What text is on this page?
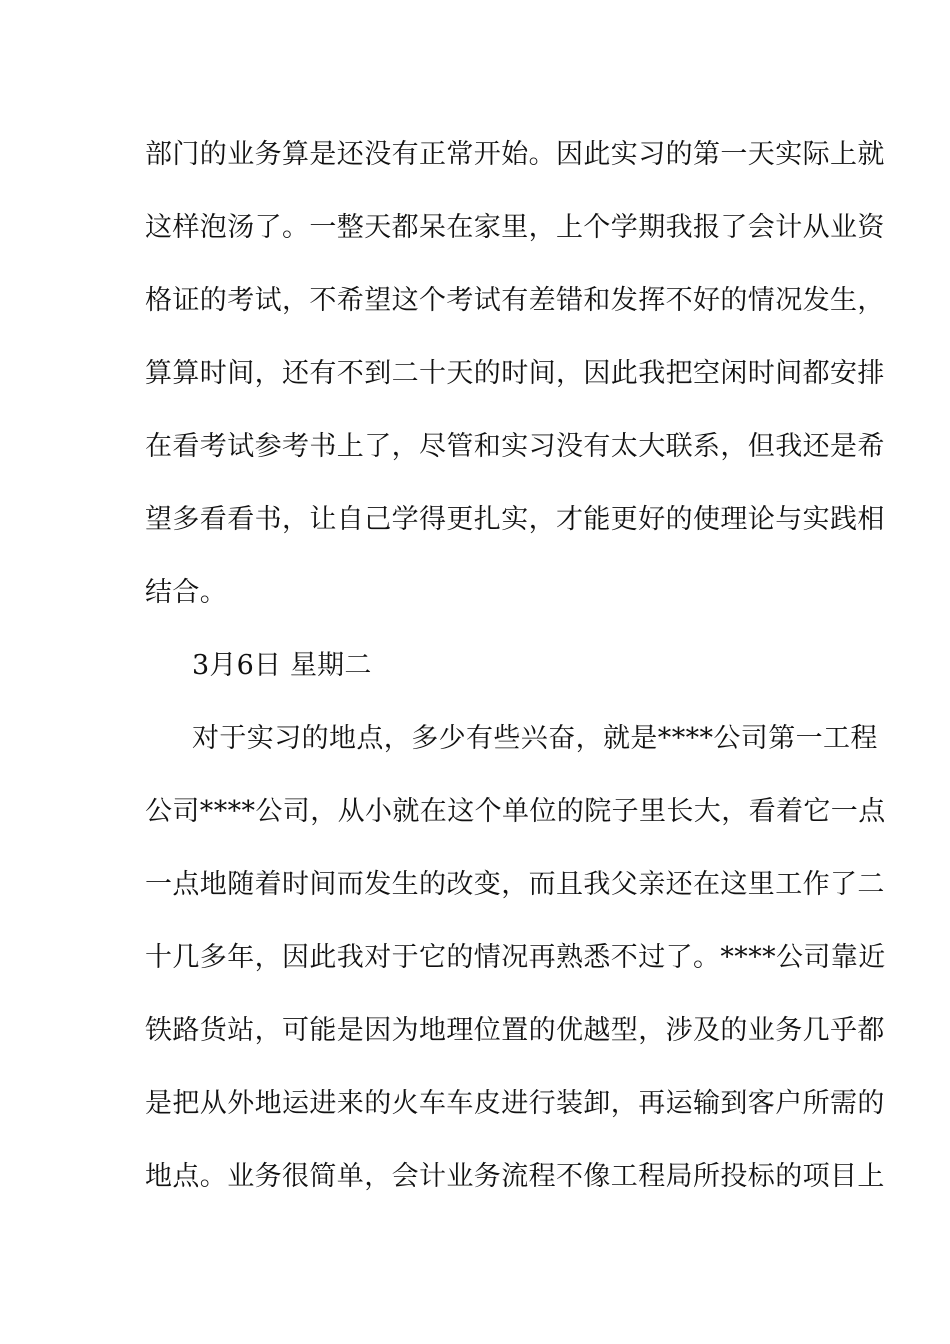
部门的业务算是还没有正常开始。因此实习的第一天实际上就
这样泡汤了。一整天都呆在家里，上个学期我报了会计从业资
格证的考试，不希望这个考试有差错和发挥不好的情况发生，
算算时间，还有不到二十天的时间，因此我把空闲时间都安排
在看考试参考书上了，尽管和实习没有太大联系，但我还是希
望多看看书，让自己学得更扎实，才能更好的使理论与实践相
结合。
3月6日 星期二
对于实习的地点，多少有些兴奋，就是****公司第一工程
公司****公司，从小就在这个单位的院子里长大，看着它一点
一点地随着时间而发生的改变，而且我父亲还在这里工作了二
十几多年，因此我对于它的情况再熟悉不过了。****公司靠近
铁路货站，可能是因为地理位置的优越型，涉及的业务几乎都
是把从外地运进来的火车车皮进行装卸，再运输到客户所需的
地点。业务很简单，会计业务流程不像工程局所投标的项目上
